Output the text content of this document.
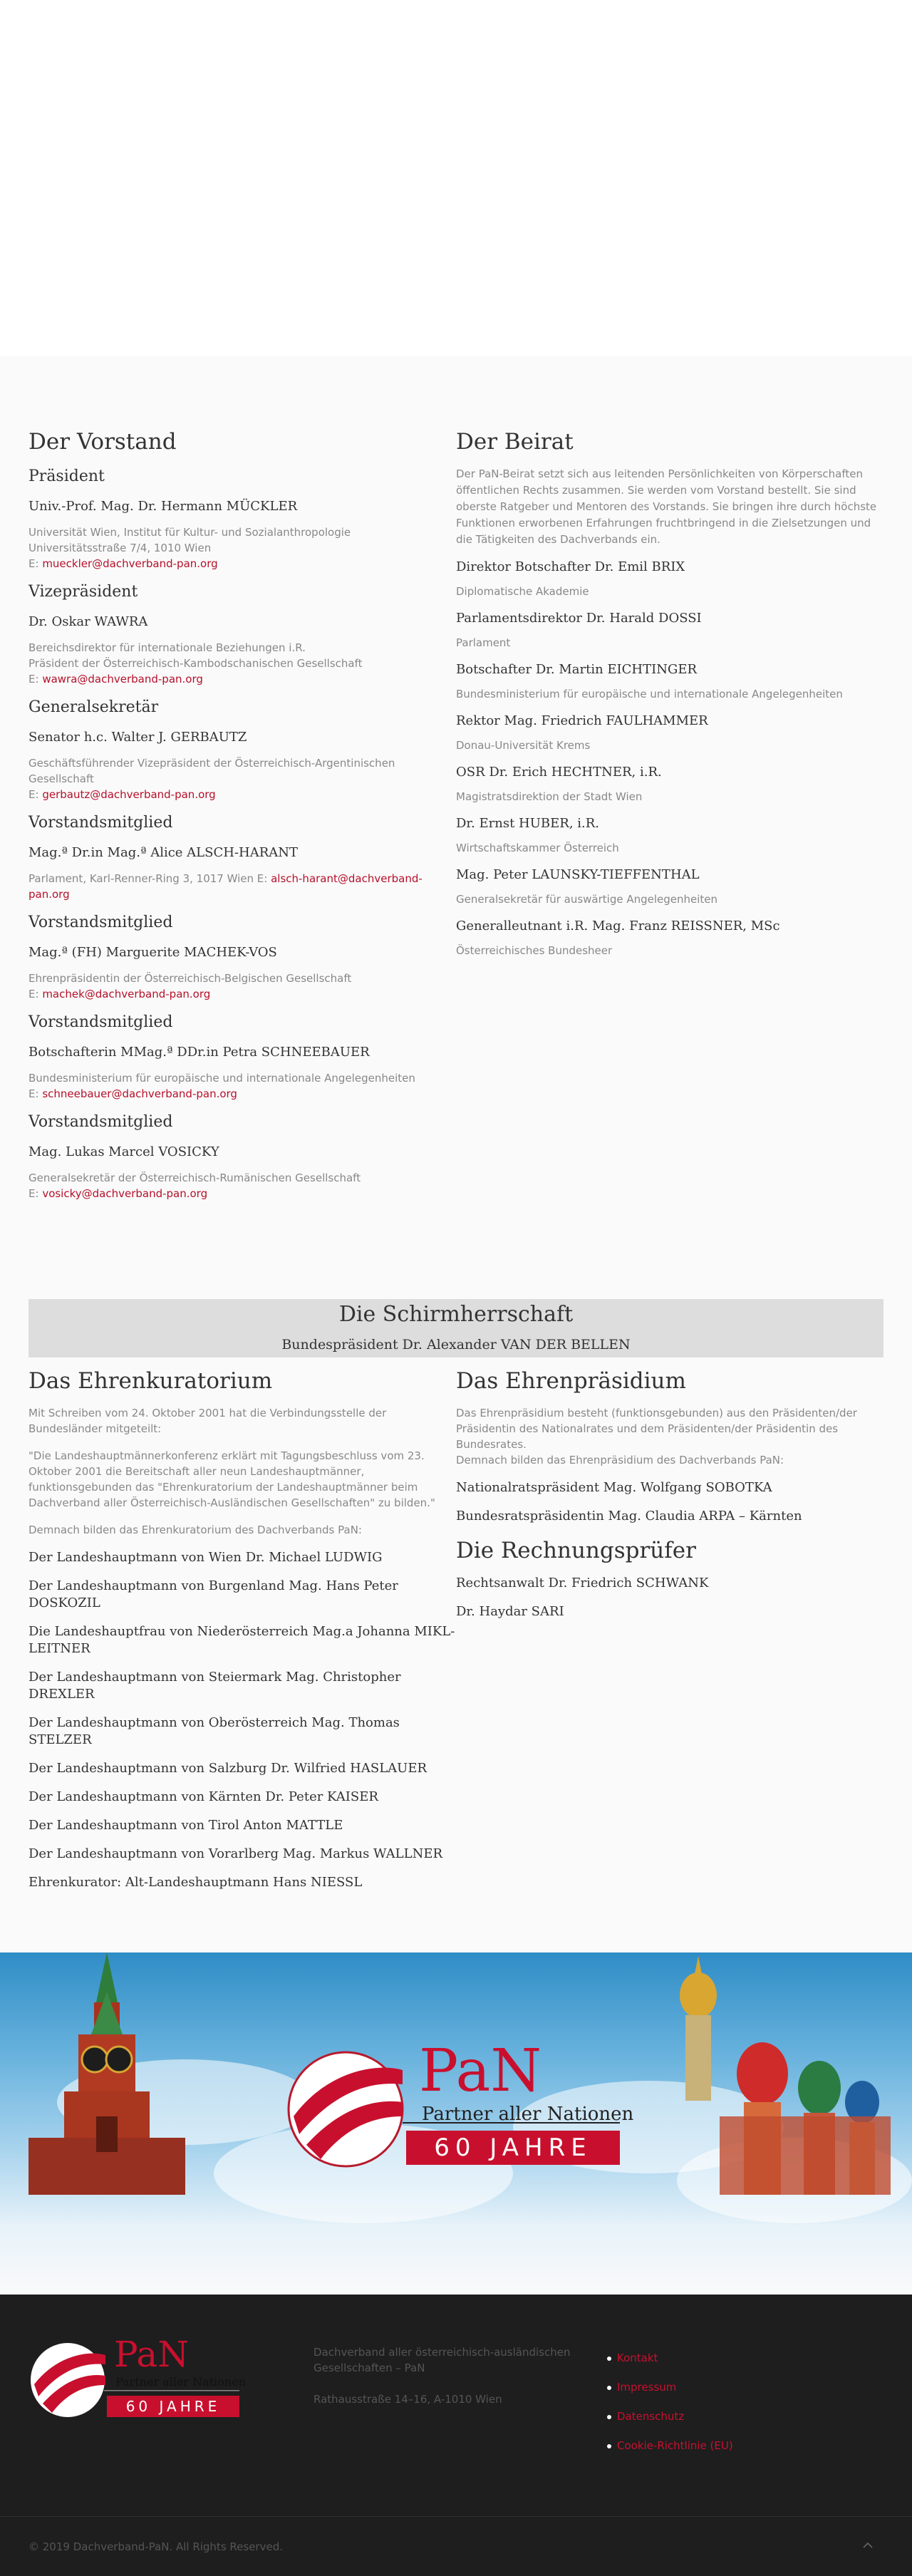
Der Vorstand
Präsident
Univ.-Prof. Mag. Dr. Hermann MÜCKLER
Universität Wien, Institut für Kultur- und Sozialanthropologie
Universitätsstraße 7/4, 1010 Wien
E: mueckler@dachverband-pan.org
Vizepräsident
Dr. Oskar WAWRA
Bereichsdirektor für internationale Beziehungen i.R.
Präsident der Österreichisch-Kambodschanischen Gesellschaft
E: wawra@dachverband-pan.org
Generalsekretär
Senator h.c. Walter J. GERBAUTZ
Geschäftsführender Vizepräsident der Österreichisch-Argentinischen Gesellschaft
E: gerbautz@dachverband-pan.org
Vorstandsmitglied
Mag.ª Dr.in Mag.ª Alice ALSCH-HARANT
Parlament, Karl-Renner-Ring 3, 1017 Wien E: alsch-harant@dachverband-pan.org
Vorstandsmitglied
Mag.ª (FH) Marguerite MACHEK-VOS
Ehrenpräsidentin der Österreichisch-Belgischen Gesellschaft
E: machek@dachverband-pan.org
Vorstandsmitglied
Botschafterin MMag.ª DDr.in Petra SCHNEEBAUER
Bundesministerium für europäische und internationale Angelegenheiten
E: schneebauer@dachverband-pan.org
Vorstandsmitglied
Mag. Lukas Marcel VOSICKY
Generalsekretär der Österreichisch-Rumänischen Gesellschaft
E: vosicky@dachverband-pan.org
Der Beirat

Der PaN-Beirat setzt sich aus leitenden Persönlichkeiten von Körperschaften öffentlichen Rechts zusammen. Sie werden vom Vorstand bestellt. Sie sind oberste Ratgeber und Mentoren des Vorstands. Sie bringen ihre durch höchste Funktionen erworbenen Erfahrungen fruchtbringend in die Zielsetzungen und die Tätigkeiten des Dachverbands ein.

Direktor Botschafter Dr. Emil BRIX
Diplomatische Akademie
Parlamentsdirektor Dr. Harald DOSSI
Parlament
Botschafter Dr. Martin EICHTINGER
Bundesministerium für europäische und internationale Angelegenheiten
Rektor Mag. Friedrich FAULHAMMER
Donau-Universität Krems
OSR Dr. Erich HECHTNER, i.R.
Magistratsdirektion der Stadt Wien
Dr. Ernst HUBER, i.R.
Wirtschaftskammer Österreich
Mag. Peter LAUNSKY-TIEFFENTHAL
Generalsekretär für auswärtige Angelegenheiten
Generalleutnant i.R. Mag. Franz REISSNER, MSc
Österreichisches Bundesheer
Die Schirmherrschaft
Bundespräsident Dr. Alexander VAN DER BELLEN
Das Ehrenkuratorium

Mit Schreiben vom 24. Oktober 2001 hat die Verbindungsstelle der Bundesländer mitgeteilt:

"Die Landeshauptmännerkonferenz erklärt mit Tagungsbeschluss vom 23. Oktober 2001 die Bereitschaft aller neun Landeshauptmänner, funktionsgebunden das "Ehrenkuratorium der Landeshauptmänner beim Dachverband aller Österreichisch-Ausländischen Gesellschaften" zu bilden."

Demnach bilden das Ehrenkuratorium des Dachverbands PaN:

Der Landeshauptmann von Wien Dr. Michael LUDWIG
Der Landeshauptmann von Burgenland Mag. Hans Peter DOSKOZIL
Die Landeshauptfrau von Niederösterreich Mag.a Johanna MIKL-LEITNER
Der Landeshauptmann von Steiermark Mag. Christopher DREXLER
Der Landeshauptmann von Oberösterreich Mag. Thomas STELZER
Der Landeshauptmann von Salzburg Dr. Wilfried HASLAUER
Der Landeshauptmann von Kärnten Dr. Peter KAISER
Der Landeshauptmann von Tirol Anton MATTLE
Der Landeshauptmann von Vorarlberg Mag. Markus WALLNER
Ehrenkurator: Alt-Landeshauptmann Hans NIESSL
Das Ehrenpräsidium

Das Ehrenpräsidium besteht (funktionsgebunden) aus den Präsidenten/der Präsidentin des Nationalrates und dem Präsidenten/der Präsidentin des Bundesrates.

Demnach bilden das Ehrenpräsidium des Dachverbands PaN:

Nationalratspräsident Mag. Wolfgang SOBOTKA
Bundesratspräsidentin Mag. Claudia ARPA – Kärnten
Die Rechnungsprüfer
Rechtsanwalt Dr. Friedrich SCHWANK
Dr. Haydar SARI
PaN
Partner aller Nationen
60 JAHRE
PaN
Partner aller Nationen
60 JAHRE
Dachverband aller österreichisch-ausländischen Gesellschaften – PaN
Rathausstraße 14–16, A-1010 Wien
Kontakt
Impressum
Datenschutz
Cookie-Richtlinie (EU)
© 2019 Dachverband-PaN. All Rights Reserved.
